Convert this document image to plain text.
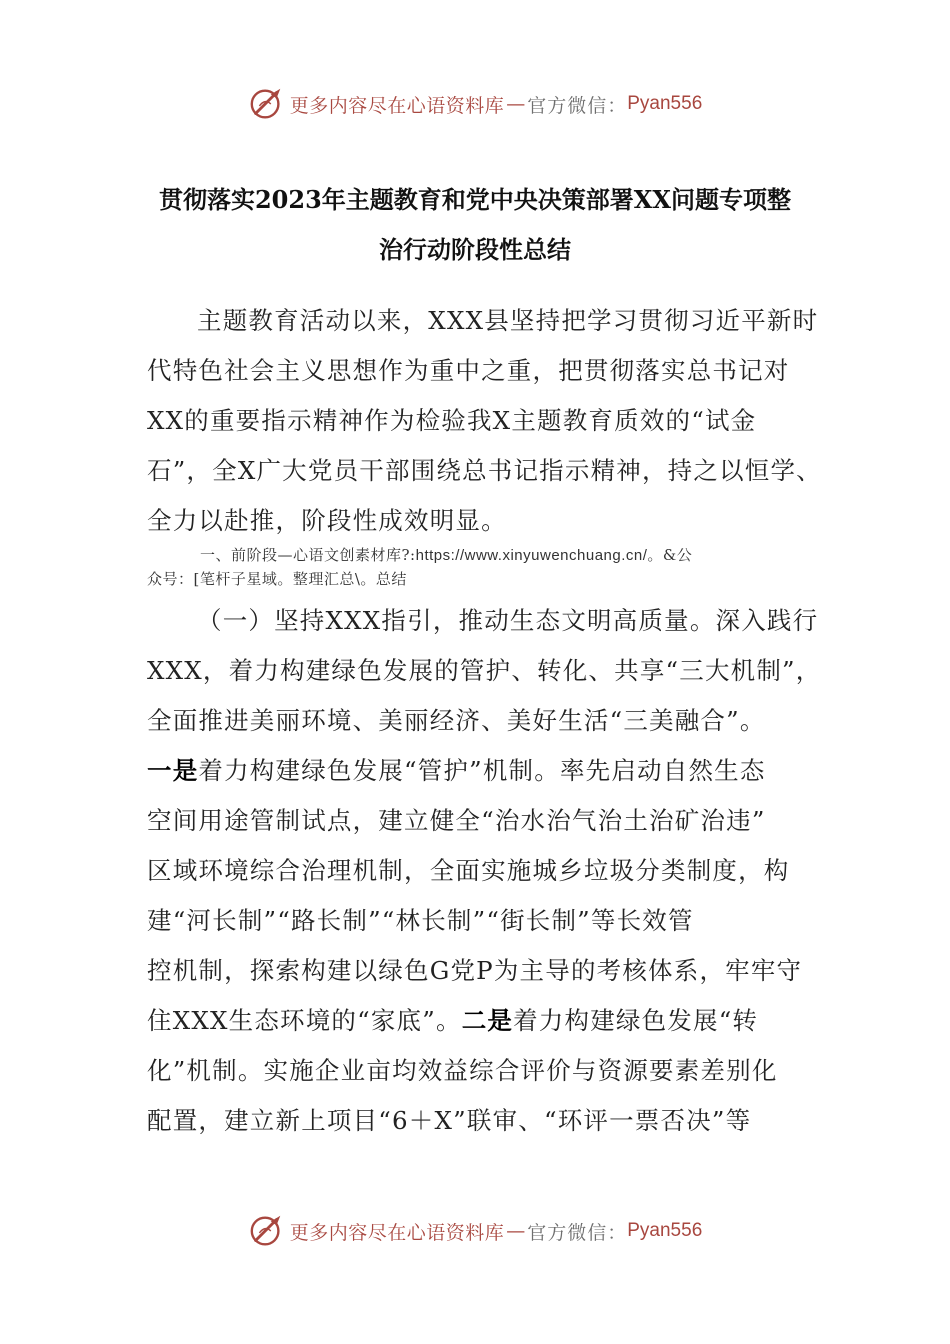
更多内容尽在心语资料库 — 官方微信： Pyan556
贯彻落实2023年主题教育和党中央决策部署XX问题专项整
治行动阶段性总结
主题教育活动以来，XXX县坚持把学习贯彻习近平新时
代特色社会主义思想作为重中之重，把贯彻落实总书记对
XX的重要指示精神作为检验我X主题教育质效的“试金
石”，全X广大党员干部围绕总书记指示精神，持之以恒学、
全力以赴推，阶段性成效明显。
一、前阶段—心语文创素材库?:https://www.xinyuwenchuang.cn/。&公
众号：[笔杆子星域。整理汇总\。总结
（一）坚持XXX指引，推动生态文明高质量。深入践行
XXX，着力构建绿色发展的管护、转化、共享“三大机制”，
全面推进美丽环境、美丽经济、美好生活“三美融合”。
一是着力构建绿色发展“管护”机制。率先启动自然生态
空间用途管制试点，建立健全“治水治气治土治矿治违”
区域环境综合治理机制，全面实施城乡垃圾分类制度，构
建“河长制”“路长制”“林长制”“街长制”等长效管
控机制，探索构建以绿色G党P为主导的考核体系，牢牢守
住XXX生态环境的“家底”。二是着力构建绿色发展“转
化”机制。实施企业亩均效益综合评价与资源要素差别化
配置，建立新上项目“6＋X”联审、“环评一票否决”等
更多内容尽在心语资料库 — 官方微信： Pyan556
